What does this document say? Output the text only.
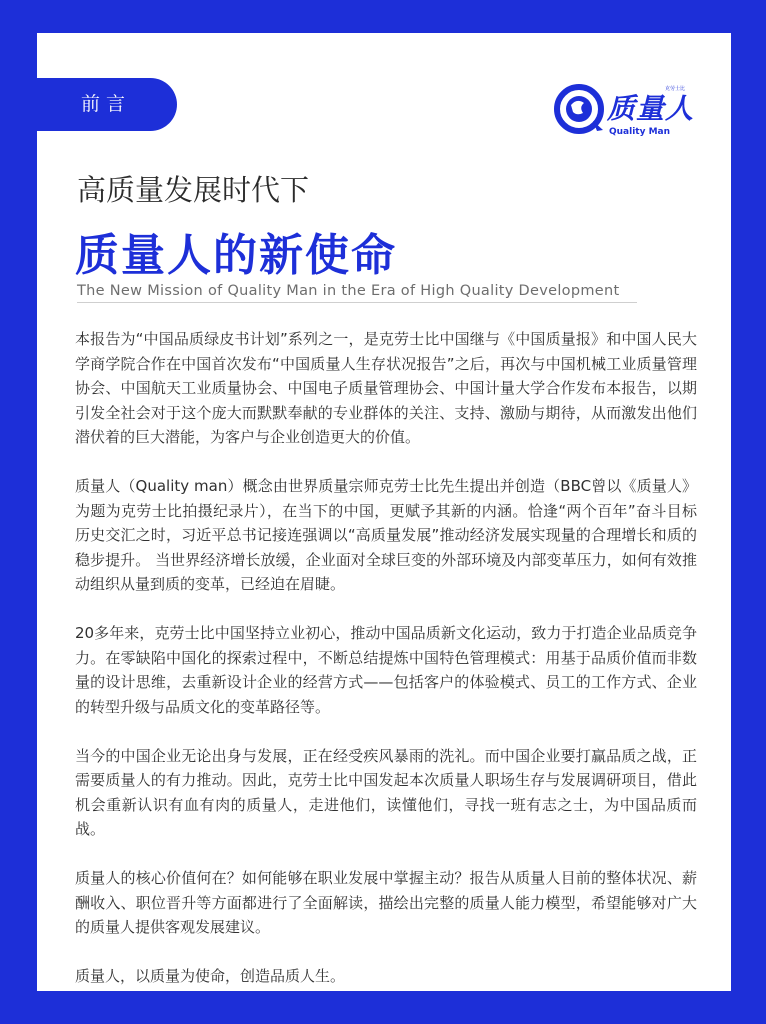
前言	质量人
克劳士比
Quality Man
高质量发展时代下
质量人的新使命
The New Mission of Quality Man in the Era of High Quality Development

本报告为“中国品质绿皮书计划”系列之一，是克劳士比中国继与《中国质量报》和中国人民大学商学院合作在中国首次发布“中国质量人生存状况报告”之后，再次与中国机械工业质量管理协会、中国航天工业质量协会、中国电子质量管理协会、中国计量大学合作发布本报告，以期引发全社会对于这个庞大而默默奉献的专业群体的关注、支持、激励与期待，从而激发出他们潜伏着的巨大潜能，为客户与企业创造更大的价值。

质量人（Quality man）概念由世界质量宗师克劳士比先生提出并创造（BBC曾以《质量人》为题为克劳士比拍摄纪录片），在当下的中国，更赋予其新的内涵。恰逢“两个百年”奋斗目标历史交汇之时，习近平总书记接连强调以“高质量发展”推动经济发展实现量的合理增长和质的稳步提升。 当世界经济增长放缓，企业面对全球巨变的外部环境及内部变革压力，如何有效推动组织从量到质的变革，已经迫在眉睫。

20多年来，克劳士比中国坚持立业初心，推动中国品质新文化运动，致力于打造企业品质竞争力。在零缺陷中国化的探索过程中，不断总结提炼中国特色管理模式：用基于品质价值而非数量的设计思维，去重新设计企业的经营方式——包括客户的体验模式、员工的工作方式、企业的转型升级与品质文化的变革路径等。

当今的中国企业无论出身与发展，正在经受疾风暴雨的洗礼。而中国企业要打赢品质之战，正需要质量人的有力推动。因此，克劳士比中国发起本次质量人职场生存与发展调研项目，借此机会重新认识有血有肉的质量人，走进他们，读懂他们，寻找一班有志之士，为中国品质而战。

质量人的核心价值何在？如何能够在职业发展中掌握主动？报告从质量人目前的整体状况、薪酬收入、职位晋升等方面都进行了全面解读，描绘出完整的质量人能力模型，希望能够对广大的质量人提供客观发展建议。

质量人，以质量为使命，创造品质人生。
